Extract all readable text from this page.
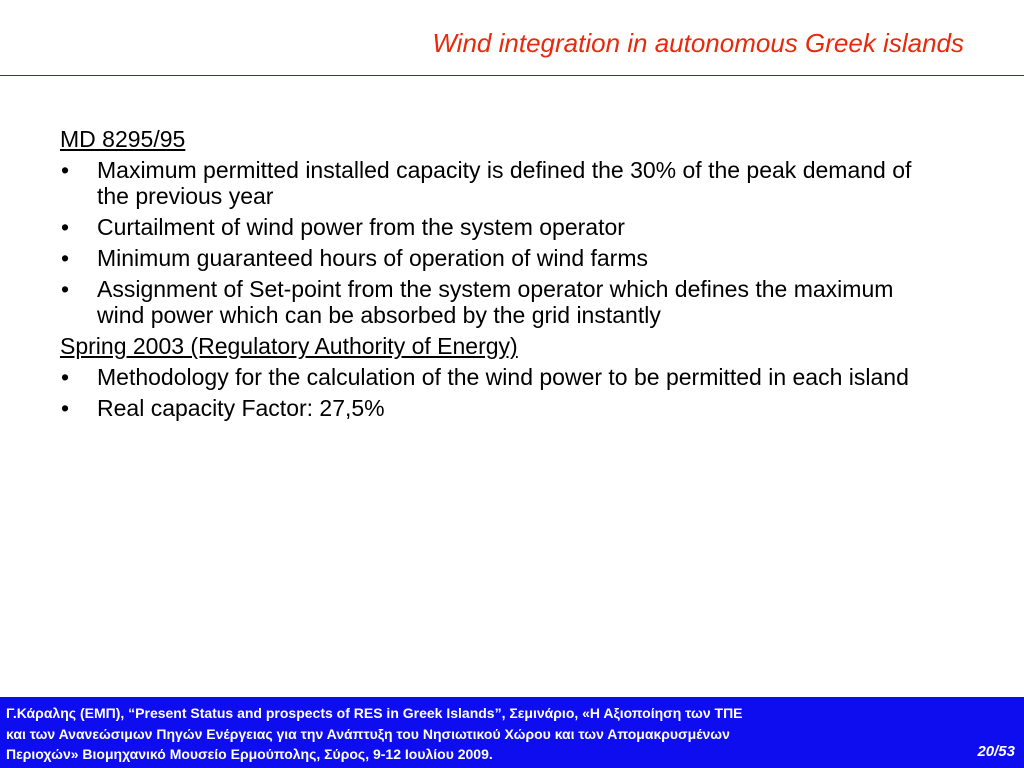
Wind integration in autonomous Greek islands
MD 8295/95
• Maximum permitted installed capacity is defined the 30% of the peak demand of the previous year
• Curtailment of wind power from the system operator
• Minimum guaranteed hours of operation of wind farms
• Assignment of Set-point from the system operator which defines the maximum wind power which can be absorbed by the grid instantly
Spring 2003 (Regulatory Authority of Energy)
• Methodology for the calculation of the wind power to be permitted in each island
• Real capacity Factor: 27,5%
Γ.Κάραλης (ΕΜΠ), “Present Status and prospects of RES in Greek Islands”, Σεμινάριο, «Η Αξιοποίηση των ΤΠΕ
και των Ανανεώσιμων Πηγών Ενέργειας για την Ανάπτυξη του Νησιωτικού Χώρου και των Απομακρυσμένων
Περιοχών» Βιομηχανικό Μουσείο Ερμούπολης, Σύρος, 9-12 Ιουλίου 2009.	20/53
